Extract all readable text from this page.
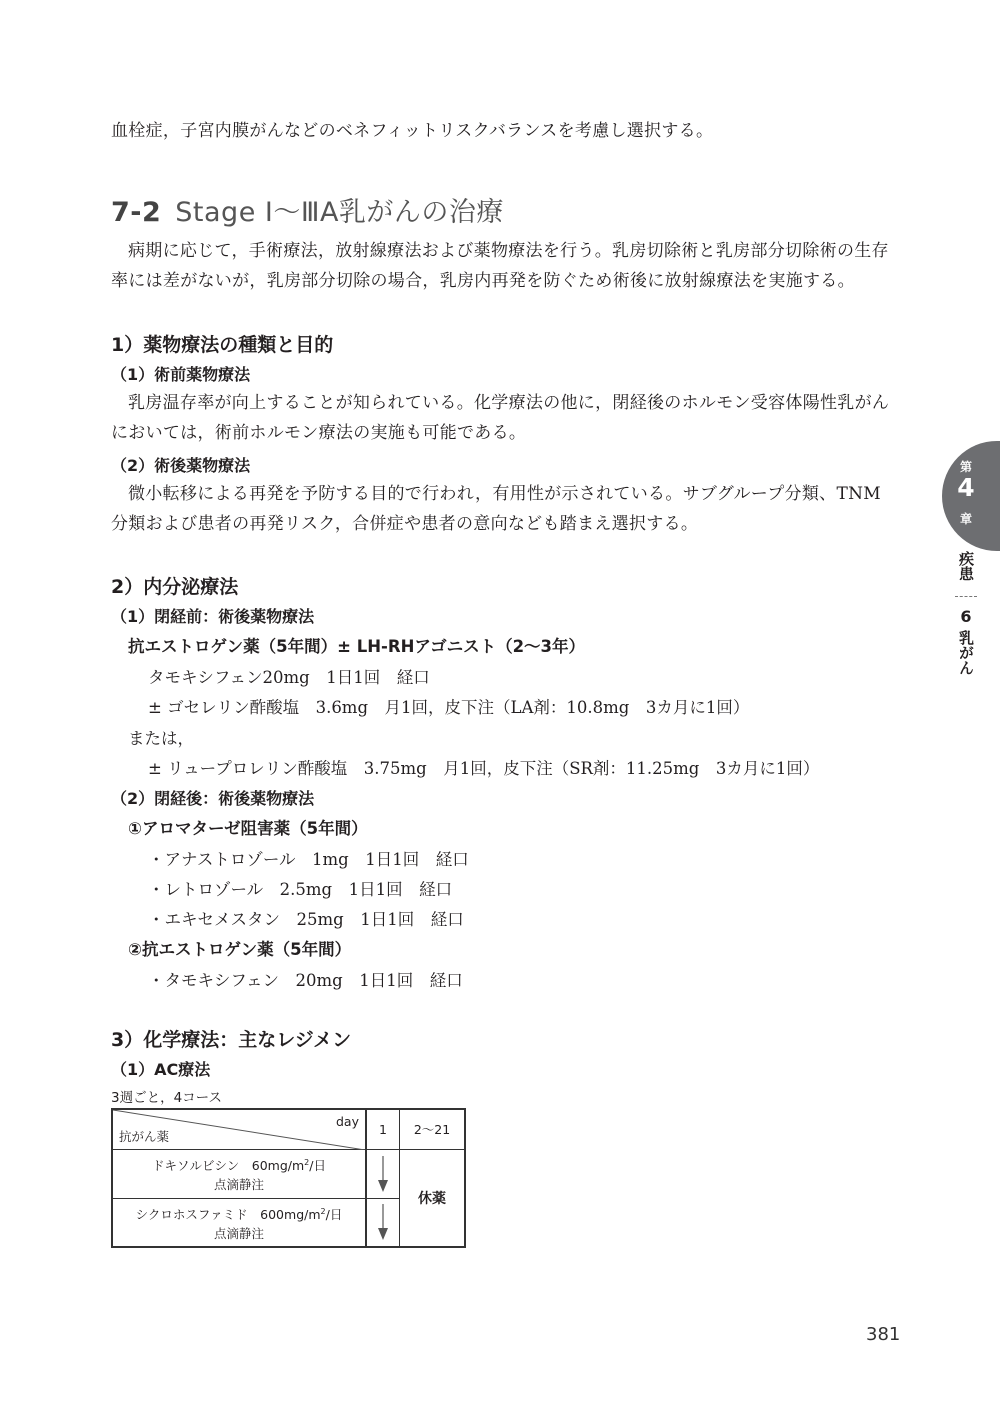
血栓症，子宮内膜がんなどのベネフィットリスクバランスを考慮し選択する。
7-2 Stage Ⅰ～ⅢA乳がんの治療

病期に応じて，手術療法，放射線療法および薬物療法を行う。乳房切除術と乳房部分切除術の生存率には差がないが，乳房部分切除の場合，乳房内再発を防ぐため術後に放射線療法を実施する。

1）薬物療法の種類と目的
（1）術前薬物療法

乳房温存率が向上することが知られている。化学療法の他に，閉経後のホルモン受容体陽性乳がんにおいては，術前ホルモン療法の実施も可能である。

（2）術後薬物療法

微小転移による再発を予防する目的で行われ，有用性が示されている。サブグループ分類、TNM分類および患者の再発リスク，合併症や患者の意向なども踏まえ選択する。

2）内分泌療法
（1）閉経前：術後薬物療法
抗エストロゲン薬（5年間）± LH-RHアゴニスト（2～3年）
タモキシフェン20mg　1日1回　経口
± ゴセレリン酢酸塩　3.6mg　月1回，皮下注（LA剤：10.8mg　3カ月に1回）
または，
± リュープロレリン酢酸塩　3.75mg　月1回，皮下注（SR剤：11.25mg　3カ月に1回）
（2）閉経後：術後薬物療法
①アロマターゼ阻害薬（5年間）
・アナストロゾール　1mg　1日1回　経口
・レトロゾール　2.5mg　1日1回　経口
・エキセメスタン　25mg　1日1回　経口
②抗エストロゲン薬（5年間）
・タモキシフェン　20mg　1日1回　経口
3）化学療法：主なレジメン
（1）AC療法
3週ごと，4コース
day
抗がん薬	1	2～21

ドキソルビシン　$60mg/m^2/$日
点滴静注		休薬

シクロホスファミド　$600mg/m^2/$日
点滴静注

第
4
章
疾患
6
乳がん
381
